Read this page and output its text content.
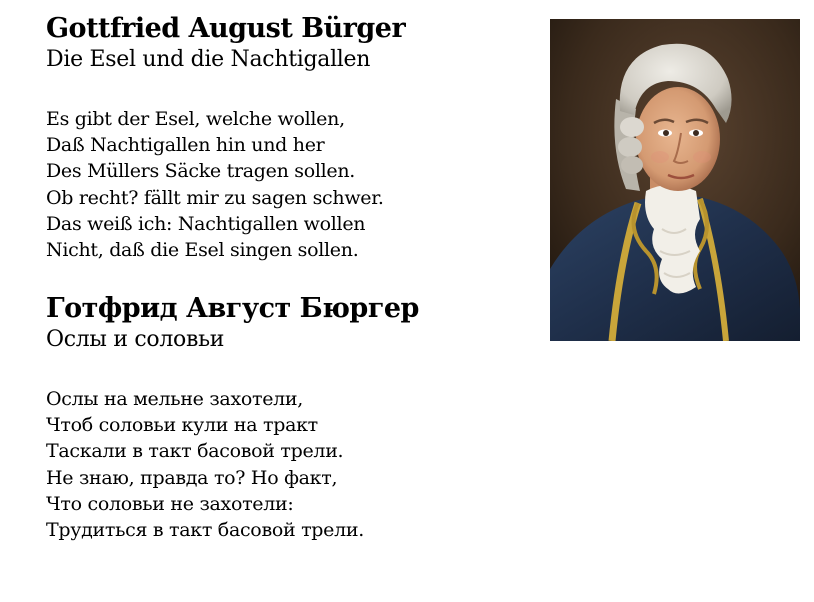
Gottfried August Bürger
Die Esel und die Nachtigallen
Es gibt der Esel, welche wollen,
Daß Nachtigallen hin und her
Des Müllers Säcke tragen sollen.
Ob recht? fällt mir zu sagen schwer.
Das weiß ich: Nachtigallen wollen
Nicht, daß die Esel singen sollen.
Готфрид Август Бюргер
Ослы и соловьи
Ослы на мельне захотели,
Чтоб соловьи кули на тракт
Таскали в такт басовой трели.
Не знаю, правда то? Но факт,
Что соловьи не захотели:
Трудиться в такт басовой трели.
